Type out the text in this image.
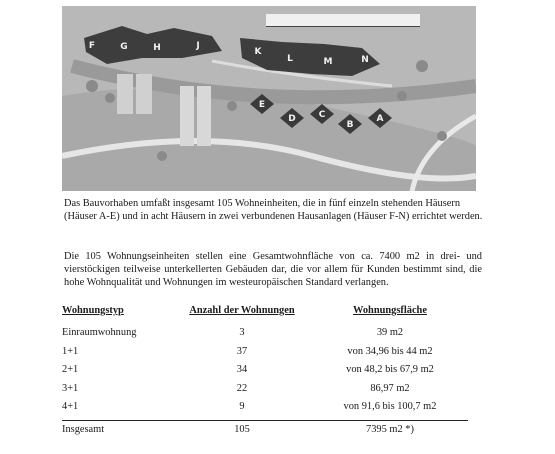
F	G	H	J
K
L	M	N
E
D	C
B
A
Das Bauvorhaben umfaßt insgesamt 105 Wohneinheiten, die in fünf einzeln stehenden Häusern (Häuser A-E) und in acht Häusern in zwei verbundenen Hausanlagen (Häuser F-N) errichtet werden.
Die 105 Wohnungseinheiten stellen eine Gesamtwohnfläche von ca. 7400 m2 in drei- und vierstöckigen teilweise unterkellerten Gebäuden dar, die vor allem für Kunden bestimmt sind, die hohe Wohnqualität und Wohnungen im westeuropäischen Standard verlangen.
Wohnungstyp	Anzahl der Wohnungen	Wohnungsfläche
Einraumwohnung	3	39 m2
1+1	37	von 34,96 bis 44 m2
2+1	34	von 48,2 bis 67,9 m2
3+1	22	86,97 m2
4+1	9	von 91,6 bis 100,7 m2
Insgesamt	105	7395 m2 *)
